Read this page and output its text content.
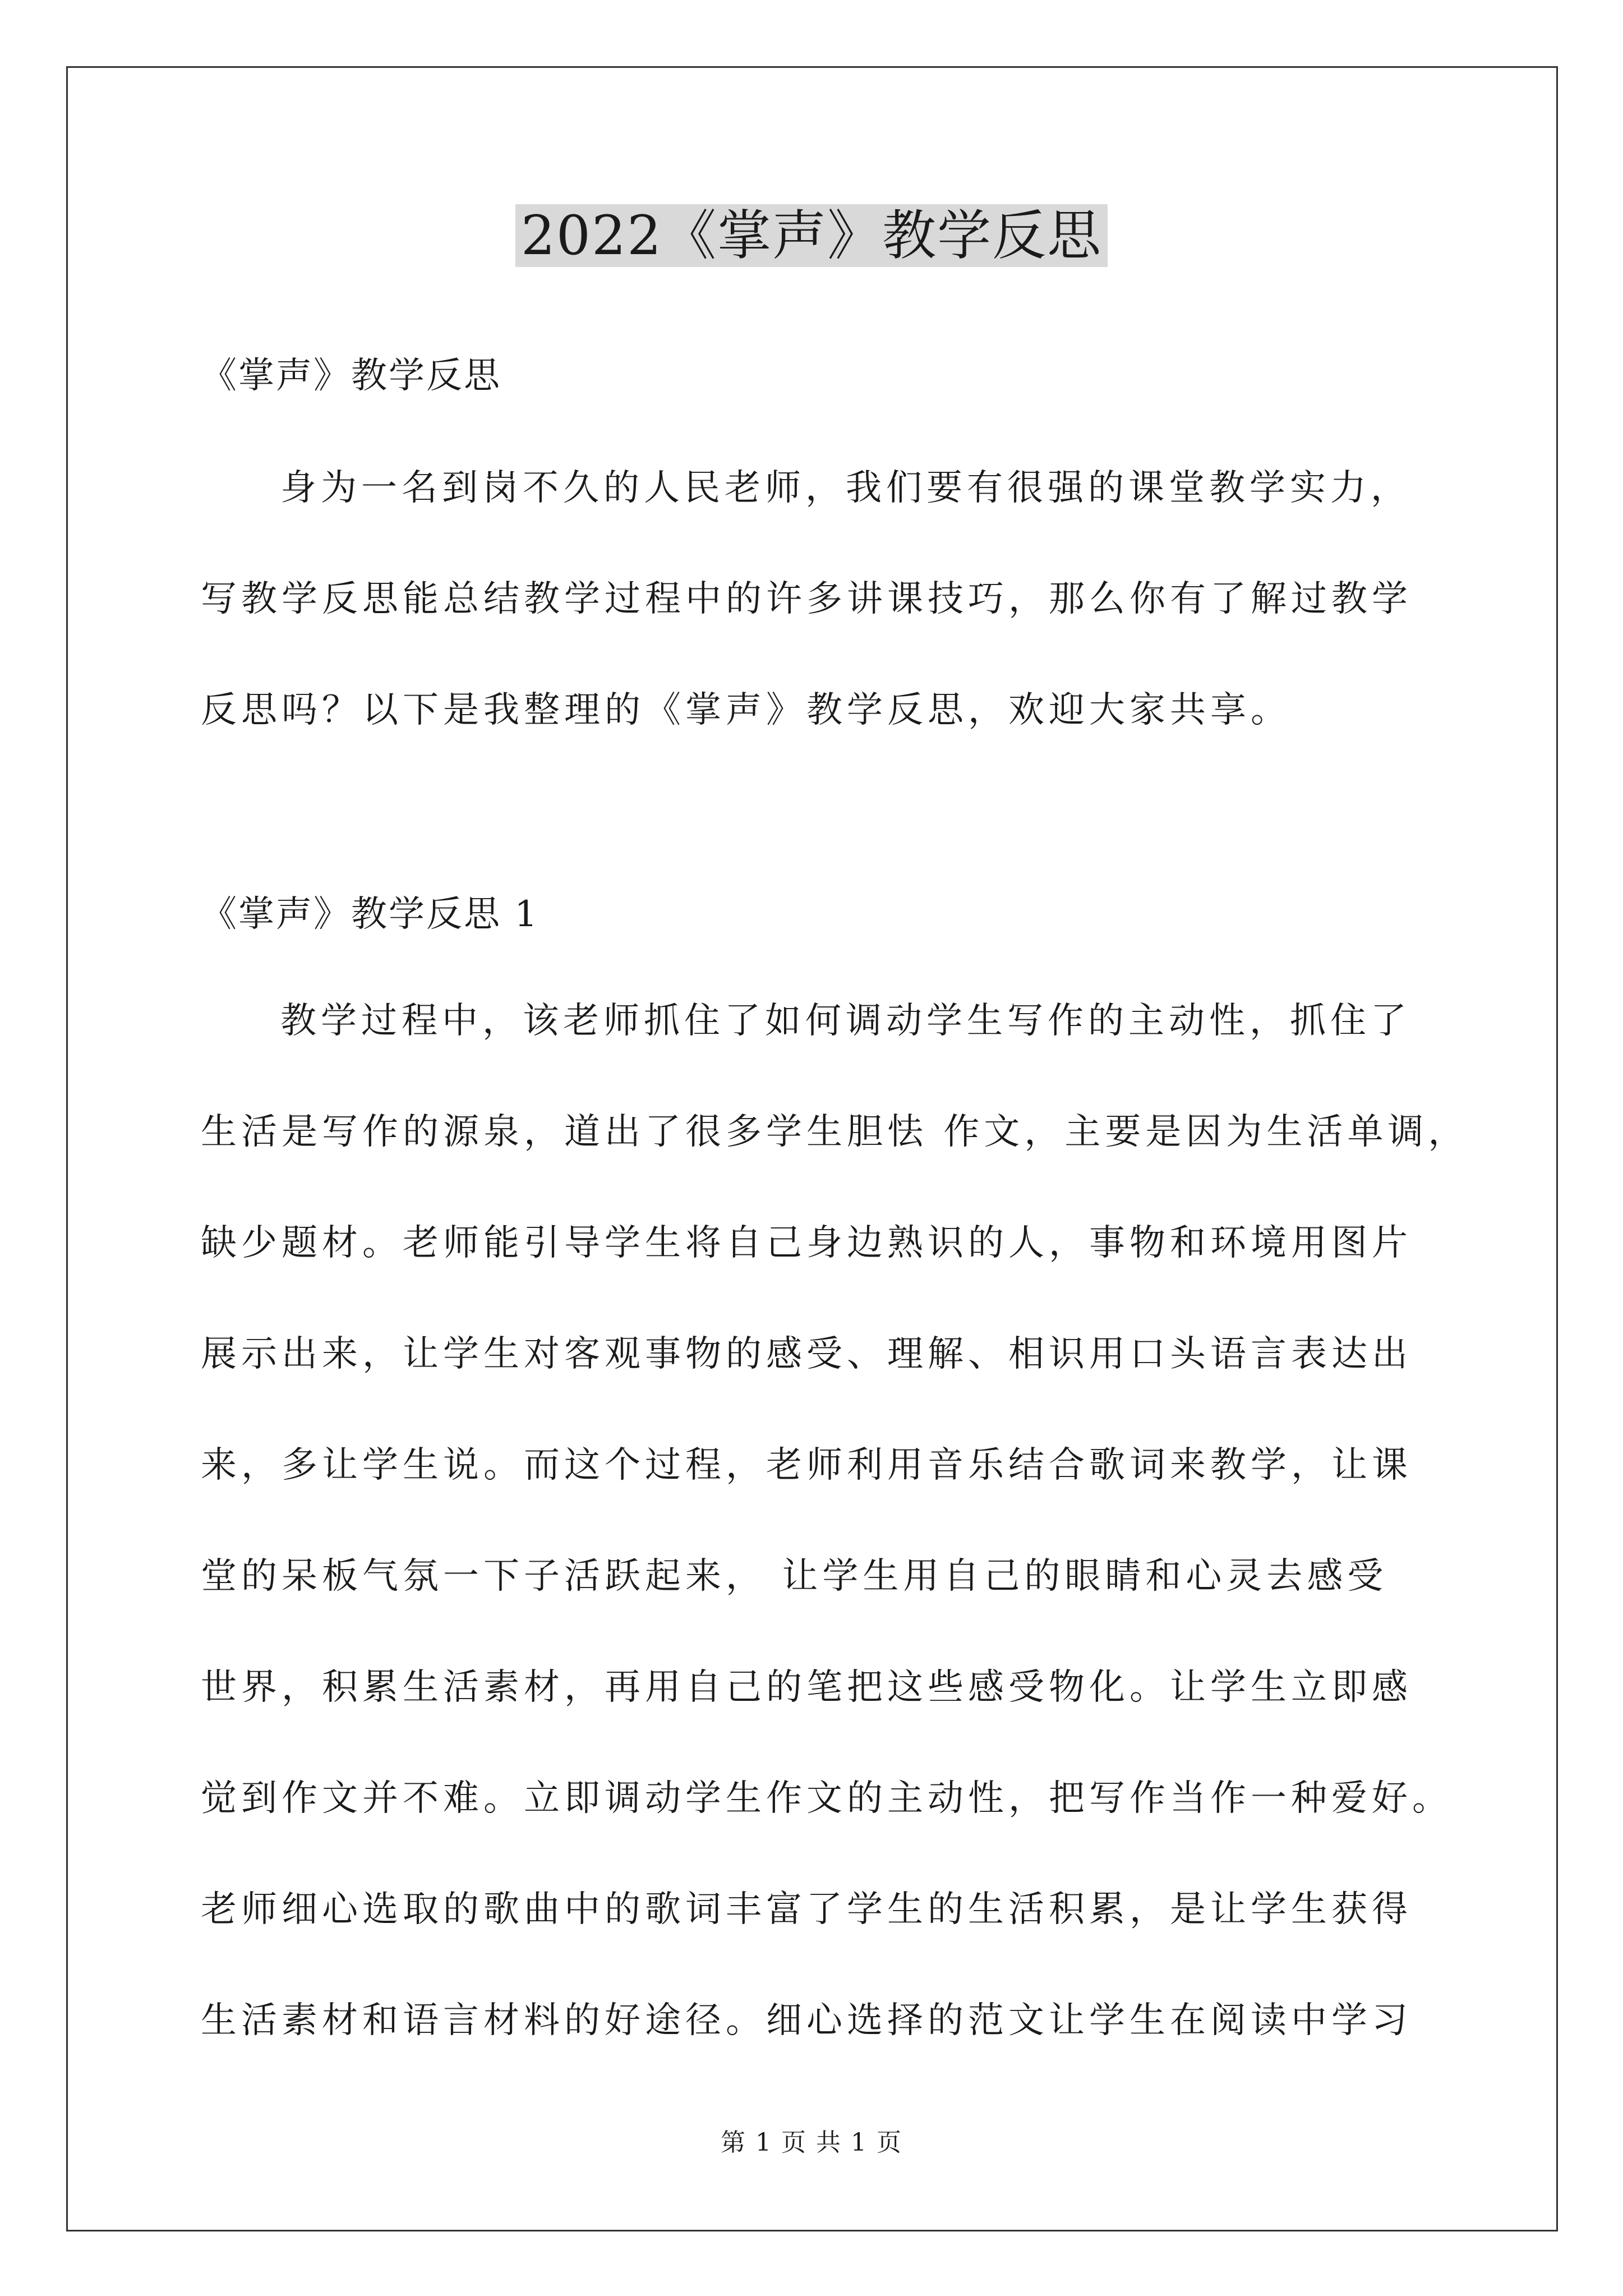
2022《掌声》教学反思
《掌声》教学反思
身为一名到岗不久的人民老师，我们要有很强的课堂教学实力，
写教学反思能总结教学过程中的许多讲课技巧，那么你有了解过教学
反思吗？以下是我整理的《掌声》教学反思，欢迎大家共享。
《掌声》教学反思 1
教学过程中，该老师抓住了如何调动学生写作的主动性，抓住了
生活是写作的源泉，道出了很多学生胆怯 作文，主要是因为生活单调，
缺少题材。老师能引导学生将自己身边熟识的人，事物和环境用图片
展示出来，让学生对客观事物的感受、理解、相识用口头语言表达出
来，多让学生说。而这个过程，老师利用音乐结合歌词来教学，让课
堂的呆板气氛一下子活跃起来， 让学生用自己的眼睛和心灵去感受
世界，积累生活素材，再用自己的笔把这些感受物化。让学生立即感
觉到作文并不难。立即调动学生作文的主动性，把写作当作一种爱好。
老师细心选取的歌曲中的歌词丰富了学生的生活积累，是让学生获得
生活素材和语言材料的好途径。细心选择的范文让学生在阅读中学习
第 1 页 共 1 页
